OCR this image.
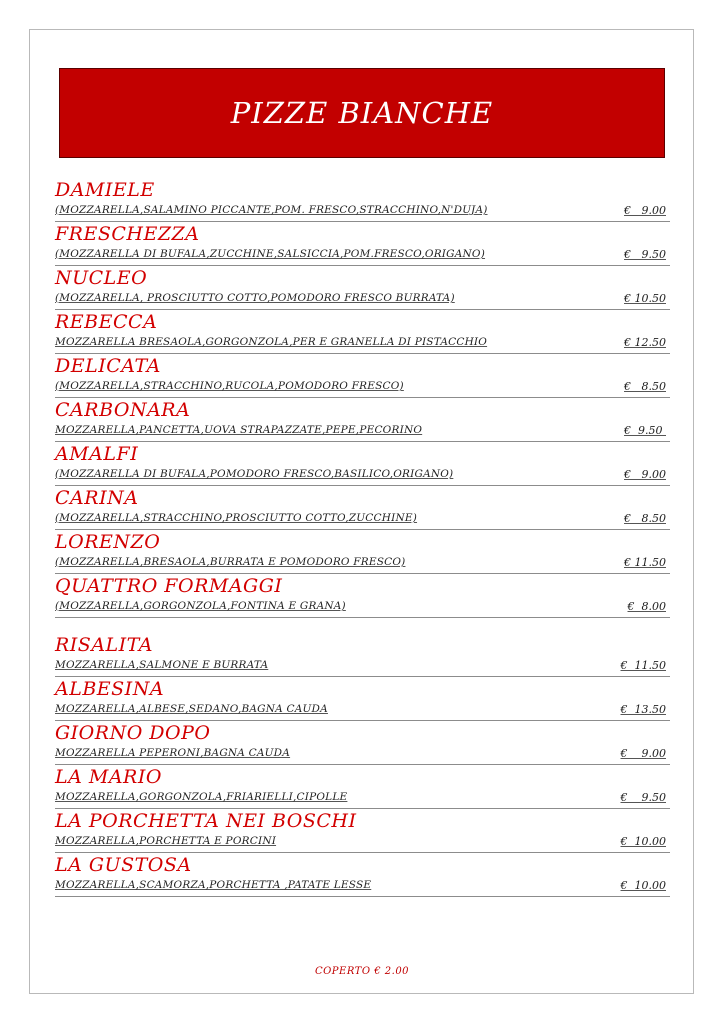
PIZZE BIANCHE
DAMIELE
(MOZZARELLA,SALAMINO PICCANTE,POM. FRESCO,STRACCHINO,N'DUJA)	€   9.00
FRESCHEZZA
(MOZZARELLA DI BUFALA,ZUCCHINE,SALSICCIA,POM.FRESCO,ORIGANO)	€   9.50
NUCLEO
(MOZZARELLA, PROSCIUTTO COTTO,POMODORO FRESCO BURRATA)	€ 10.50
REBECCA
MOZZARELLA BRESAOLA,GORGONZOLA,PER E GRANELLA DI PISTACCHIO	€ 12.50
DELICATA
(MOZZARELLA,STRACCHINO,RUCOLA,POMODORO FRESCO)	€   8.50
CARBONARA
MOZZARELLA,PANCETTA,UOVA STRAPAZZATE,PEPE,PECORINO	€  9.50
AMALFI
(MOZZARELLA DI BUFALA,POMODORO FRESCO,BASILICO,ORIGANO)	€   9.00
CARINA
(MOZZARELLA,STRACCHINO,PROSCIUTTO COTTO,ZUCCHINE)	€   8.50
LORENZO
(MOZZARELLA,BRESAOLA,BURRATA E POMODORO FRESCO)	€ 11.50
QUATTRO FORMAGGI
(MOZZARELLA,GORGONZOLA,FONTINA E GRANA)	€  8.00
RISALITA
MOZZARELLA,SALMONE E BURRATA	€  11.50
ALBESINA
MOZZARELLA,ALBESE,SEDANO,BAGNA CAUDA	€  13.50
GIORNO DOPO
MOZZARELLA PEPERONI,BAGNA CAUDA	€    9.00
LA MARIO
MOZZARELLA,GORGONZOLA,FRIARIELLI,CIPOLLE	€    9.50
LA PORCHETTA NEI BOSCHI
MOZZARELLA,PORCHETTA E PORCINI	€  10.00
LA GUSTOSA
MOZZARELLA,SCAMORZA,PORCHETTA ,PATATE LESSE	€  10.00
COPERTO € 2.00
